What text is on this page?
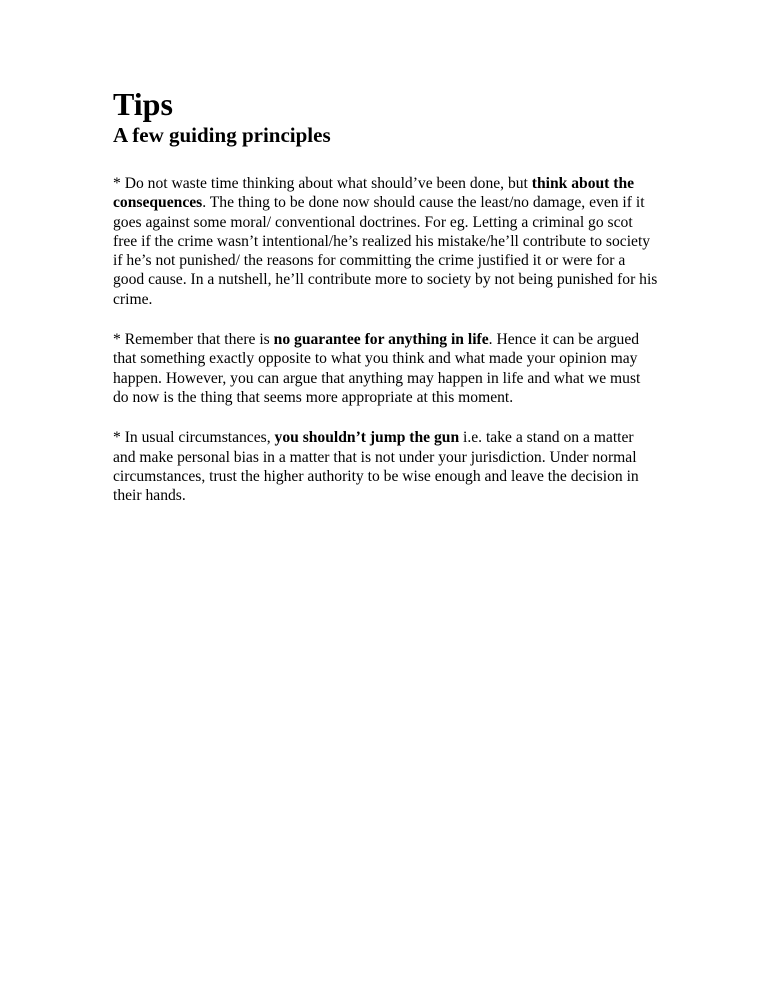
Tips
A few guiding principles

* Do not waste time thinking about what should’ve been done, but think about the consequences. The thing to be done now should cause the least/no damage, even if it goes against some moral/ conventional doctrines. For eg. Letting a criminal go scot free if the crime wasn’t intentional/he’s realized his mistake/he’ll contribute to society if he’s not punished/ the reasons for committing the crime justified it or were for a good cause. In a nutshell, he’ll contribute more to society by not being punished for his crime.

* Remember that there is no guarantee for anything in life. Hence it can be argued that something exactly opposite to what you think and what made your opinion may happen. However, you can argue that anything may happen in life and what we must do now is the thing that seems more appropriate at this moment.

* In usual circumstances, you shouldn’t jump the gun i.e. take a stand on a matter and make personal bias in a matter that is not under your jurisdiction. Under normal circumstances, trust the higher authority to be wise enough and leave the decision in their hands.
